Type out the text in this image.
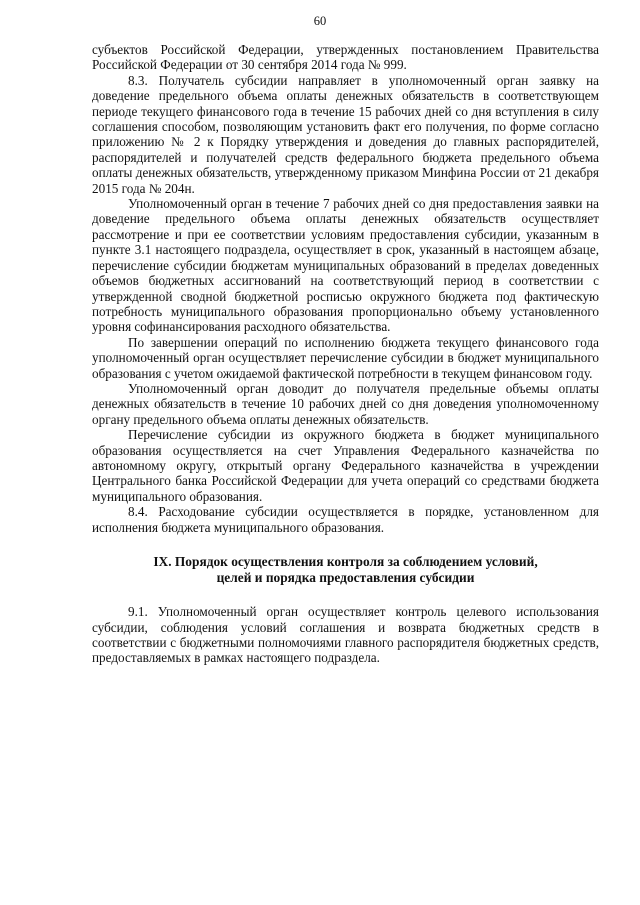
60

субъектов Российской Федерации, утвержденных постановлением Правительства Российской Федерации от 30 сентября 2014 года № 999.

8.3. Получатель субсидии направляет в уполномоченный орган заявку на доведение предельного объема оплаты денежных обязательств в соответствующем периоде текущего финансового года в течение 15 рабочих дней со дня вступления в силу соглашения способом, позволяющим установить факт его получения, по форме согласно приложению № 2 к Порядку утверждения и доведения до главных распорядителей, распорядителей и получателей средств федерального бюджета предельного объема оплаты денежных обязательств, утвержденному приказом Минфина России от 21 декабря 2015 года № 204н.

Уполномоченный орган в течение 7 рабочих дней со дня предоставления заявки на доведение предельного объема оплаты денежных обязательств осуществляет рассмотрение и при ее соответствии условиям предоставления субсидии, указанным в пункте 3.1 настоящего подраздела, осуществляет в срок, указанный в настоящем абзаце, перечисление субсидии бюджетам муниципальных образований в пределах доведенных объемов бюджетных ассигнований на соответствующий период в соответствии с утвержденной сводной бюджетной росписью окружного бюджета под фактическую потребность муниципального образования пропорционально объему установленного уровня софинансирования расходного обязательства.

По завершении операций по исполнению бюджета текущего финансового года уполномоченный орган осуществляет перечисление субсидии в бюджет муниципального образования с учетом ожидаемой фактической потребности в текущем финансовом году.

Уполномоченный орган доводит до получателя предельные объемы оплаты денежных обязательств в течение 10 рабочих дней со дня доведения уполномоченному органу предельного объема оплаты денежных обязательств.

Перечисление субсидии из окружного бюджета в бюджет муниципального образования осуществляется на счет Управления Федерального казначейства по автономному округу, открытый органу Федерального казначейства в учреждении Центрального банка Российской Федерации для учета операций со средствами бюджета муниципального образования.

8.4. Расходование субсидии осуществляется в порядке, установленном для исполнения бюджета муниципального образования.

IX. Порядок осуществления контроля за соблюдением условий,
целей и порядка предоставления субсидии

9.1. Уполномоченный орган осуществляет контроль целевого использования субсидии, соблюдения условий соглашения и возврата бюджетных средств в соответствии с бюджетными полномочиями главного распорядителя бюджетных средств, предоставляемых в рамках настоящего подраздела.
